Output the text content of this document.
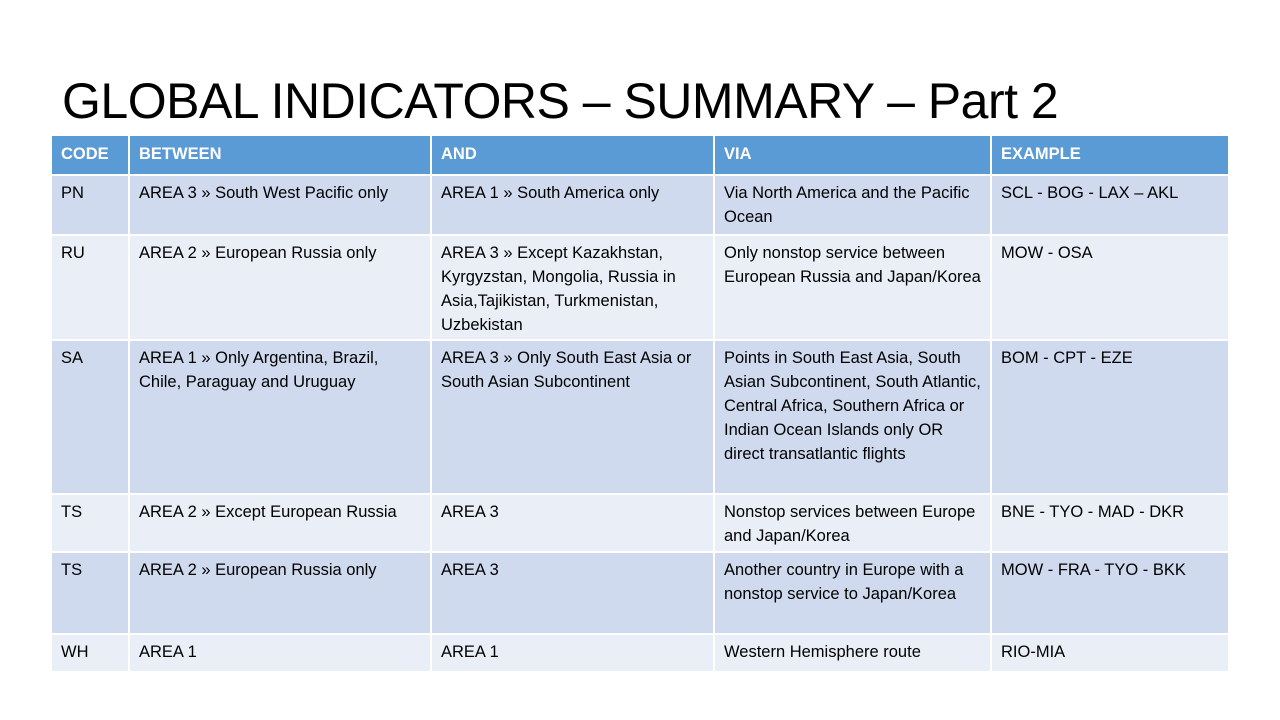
GLOBAL INDICATORS – SUMMARY – Part 2
CODE	BETWEEN	AND	VIA	EXAMPLE
PN	AREA 3 » South West Pacific only	AREA 1 » South America only	Via North America and the Pacific Ocean	SCL - BOG - LAX – AKL
RU	AREA 2 » European Russia only	AREA 3 » Except Kazakhstan, Kyrgyzstan, Mongolia, Russia in Asia,Tajikistan, Turkmenistan, Uzbekistan	Only nonstop service between European Russia and Japan/Korea	MOW - OSA
SA	AREA 1 » Only Argentina, Brazil, Chile, Paraguay and Uruguay	AREA 3 » Only South East Asia or South Asian Subcontinent	Points in South East Asia, South Asian Subcontinent, South Atlantic, Central Africa, Southern Africa or Indian Ocean Islands only OR direct transatlantic flights	BOM - CPT - EZE
TS	AREA 2 » Except European Russia	AREA 3	Nonstop services between Europe and Japan/Korea	BNE - TYO - MAD - DKR
TS	AREA 2 » European Russia only	AREA 3	Another country in Europe with a nonstop service to Japan/Korea	MOW - FRA - TYO - BKK
WH	AREA 1	AREA 1	Western Hemisphere route	RIO-MIA
